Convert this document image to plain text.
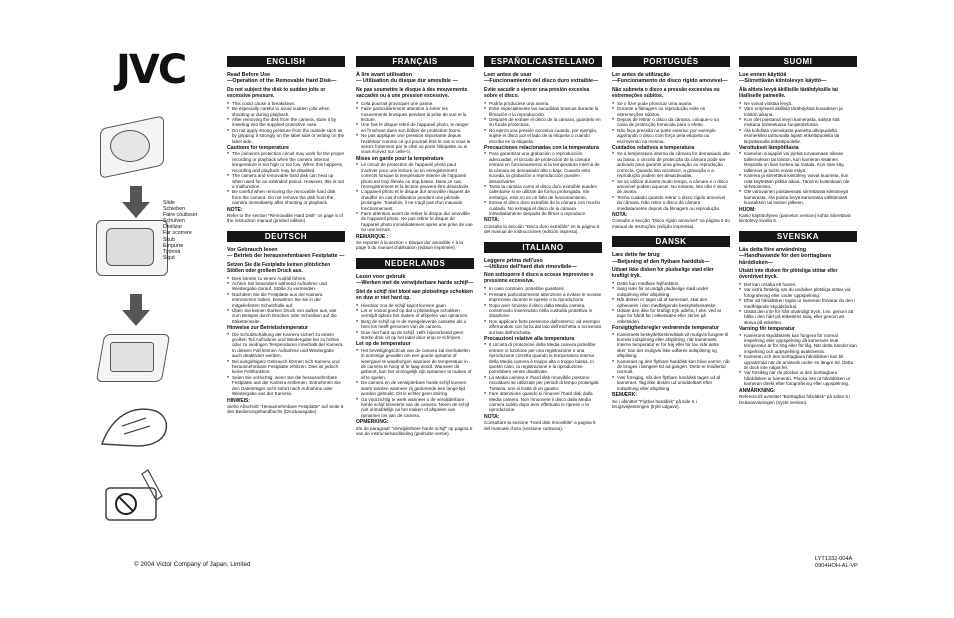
JVC
Slide
Schieben
Faire coulisser
Schuiven
Deslizar
Far scorrere
Skub
Empurre
Työnnä
Skjut
ENGLISH
Read Before Use
—Operation of the Removable Hard Disk—
Do not subject the disk to sudden jolts or excessive pressure.
● This could cause a breakdown.
● Be especially careful to avoid sudden jolts when shooting or during playback.
● After removing the disk from the camera, store it by inserting into the supplied protective case.
● Do not apply strong pressure from the outside such as by gripping it strongly on the label side or writing on the label side.
Cautions for temperature
● The camera's protection circuit may work for the proper recording or playback when the camera internal temperature is too high or too low. When this happens, recording and playback may be disabled.
● The camera and removable hard disk can heat up when used for an extended period. However, this is not a malfunction.
● Be careful when removing the removable hard disk from the camera. Do not remove the disk from the camera immediately after shooting or playback.
NOTE:
Refer to the section "Removable Hard Disk" on page 5 of the instruction manual (printed edition).
DEUTSCH
Vor Gebrauch lesen
— Betrieb der herausnehmbaren Festplatte —
Setzen Sie die Festplatte keinen plötzlichen Stößen oder großem Druck aus.
● Dies könnte zu einem Ausfall führen.
● Achten Sie besonders während Aufnahme und Wiedergabe darauf, Stöße zu vermeiden.
● Nachdem Sie die Festplatte aus der Kamera entnommen haben, bewahren Sie sie in der mitgelieferten Schutzhülle auf.
● Üben Sie keinen starken Druck von außen aus, wie zum Beispiel durch Drücken oder Schreiben auf die Etikettenseite.
Hinweise zur Betriebstemperatur
● Die Schutzschaltung der Kamera sichert zu einem großen Teil Aufnahme und Wiedergabe bei zu hohen oder zu niedrigen Temperaturen innerhalb der Kamera. In diesem Fall können Aufnahme und Wiedergabe auch deaktiviert werden.
● Bei ausgiebigem Gebrauch können sich Kamera und herausnehmbare Festplatte erhitzen. Dies ist jedoch keine Fehlfunktion.
● Seien Sie vorsichtig, wenn Sie die herausnehmbare Festplatte aus der Kamera entfernen. Entnehmen Sie den Datenträger nicht sofort nach Aufnahme oder Wiedergabe aus der Kamera.
HINWEIS:
Siehe Abschnitt "Herausnehmbare Festplatte" auf Seite 5 des Bedienungshandbuchs (Druckausgabe).
FRANÇAIS
À lire avant utilisation
— Utilisation du disque dur amovible —
Ne pas soumettre le disque à des mouvements saccadés ou à une pression excessive.
● Cela pourrait provoquer une panne.
● Faire particulièrement attention à éviter les mouvements brusques pendant la prise de vue et la lecture.
● Une fois le disque retiré de l'appareil photo, le ranger en l'insérant dans son boîtier de protection fourni.
● Ne pas appliquer une pression importante depuis l'extérieur comme ce qui pourrait être le cas si vous le serrez fortement par le côté où porte l'étiquette ou si vous écrivez sur celle-ci.
Mises en garde pour la température
● Le circuit de protection de l'appareil photo peut s'activer pour une lecture ou un enregistrement corrects lorsque la température interne de l'appareil photo est trop élevée ou trop basse. Dans ce cas, l'enregistrement et la lecture peuvent être désactivés.
● L'appareil photo et le disque dur amovible risquent de chauffer en cas d'utilisation pendant une période prolongée. Toutefois, il ne s'agit pas d'un mauvais fonctionnement.
● Faire attention avant de retirer le disque dur amovible de l'appareil photo. Ne pas retirer le disque de l'appareil photo immédiatement après une prise de vue ou une lecture.
REMARQUE :
Se reporter à la section « Disque dur amovible » à la page 5 du manuel d'utilisation (édition imprimée).
NEDERLANDS
Lezen voor gebruik
—Werken met de verwijderbare harde schijf—
Stel de schijf niet bloot aan plotselinge schokken en duw er niet hard op.
● Hierdoor zou de schijf kapot kunnen gaan.
● Let er vooral goed op dat u plotselinge schokken vermijdt tijdens het maken of afspelen van opnamen.
● Berg de schijf op in de meegeleverde cassette als u hem los heeft genomen van de camera.
● Duw niet hard op de schijf, zelfs bijvoorbeeld geen sterke druk uit op het label door erop te schrijven.
Let op de temperatuur
● Het beveiligingscircuit van de camera zal inschakelen in sommige gevallen om een goede opname of weergave te waarborgen wanneer de temperatuur in de camera te hoog of te laag wordt. Wanneer dit gebeurt, kan het onmogelijk zijn opnamen te maken of af te spelen.
● De camera en de verwijderbare harde schijf kunnen warm worden wanneer zij gedurende een lange tijd worden gebruikt. Dit is echter geen storing.
● Ga voorzichtig te werk wanneer u de verwijderbare harde schijf losneemt van de camera. Neem de schijf niet onmiddellijk na het maken of afspelen van opnamen los van de camera.
OPMERKING:
Zie de paragraaf "Verwijderbare harde schijf" op pagina 5 van de instructiehandleiding (gedrukte versie).
ESPAÑOL/CASTELLANO
Leer antes de usar
—Funcionamiento del disco duro extraíble—
Evite sacudir o ejercer una presión excesiva sobre el disco.
● Podría producirse una avería.
● Evite especialmente las sacudidas bruscas durante la filmación o la reproducción.
● Después de extraer el disco de la cámara, guárdelo en su funda protectora.
● No ejerza una presión excesiva cuando, por ejemplo, sujete el disco por el lado de la etiqueta o cuando escriba en la etiqueta.
Precauciones relacionadas con la temperatura
● Para garantizar una grabación o reproducción adecuadas, el circuito de protección de la cámara entrará en funcionamiento si la temperatura interna de la cámara es demasiado alta o baja. Cuando esto suceda, la grabación o reproducción pueden desactivarse.
● Tanto la cámara como el disco duro extraíble pueden calentarse si se utilizan de forma prolongada. Sin embargo, esto no es un fallo de funcionamiento.
● Extrae el disco duro extraíble de la cámara con mucho cuidado. No extraiga el disco de la cámara inmediatamente después de filmar o reproducir.
NOTA:
Consulte la sección "Disco duro extraíble" en la página 5 del manual de instrucciones (edición impresa).
ITALIANO
Leggere prima dell'uso
—Utilizzo dell'hard disk rimovibile—
Non sottoporre il disco a scosse improvvise o pressione eccessiva.
● In caso contrario, potrebbe guastarsi.
● Prestare particolarmente attenzione a evitare le scosse improvvise durante le riprese o la riproduzione.
● Dopo aver rimosso il disco dalla Media camera, conservarlo inserendolo nella custodia protettiva in dotazione.
● Non applicare forte pressione dall'esterno, ad esempio afferrandolo con forza dal lato dell'etichetta o scrivendo sul lato dell'etichetta.
Precauzioni relative alla temperatura
● Il circuito di protezione della Media camera potrebbe entrare in funzione per una registrazione o una riproduzione corretta quando la temperatura interna della Media camera è troppo alta o troppo bassa. In questo caso, la registrazione e la riproduzione potrebbero venire disattivate.
● La Media camera e l'hard disk rimovibile possono riscaldarsi se utilizzate per periodi di tempo prolungati. Tuttavia, non si tratta di un guasto.
● Fare attenzione quando si rimuove l'hard disk dalla Media camera. Non rimuovere il disco dalla Media camera subito dopo aver effettuato le riprese o la riproduzione.
NOTA:
Consultare la sezione "Hard disk rimovibile" a pagina 5 del manuale d'uso (versione cartacea).
PORTUGUÊS
Ler antes de utilização
—Funcionamento do disco rígido amovível—
Não submeta o disco a pressão excessiva ou estremeções súbitos.
● Se o fizer pode provocar uma avaria.
● Durante a filmagem ou reprodução evite os estremeções súbitos.
● Depois de retirar o disco da câmara, coloque-o na caixa de protecção fornecida para o efeito.
● Não faça pressão na parte externa: por exemplo agarrando o disco com força pela etiqueta ou escrevendo na mesma.
Cuidados relativos à temperatura
● Se a temperatura interna da câmara for demasiado alta ou baixa, o circuito de protecção da câmara pode ser activado para garantir uma gravação ou reprodução correcta. Quando isto acontece, a gravação e a reprodução podem ser desactivadas.
● Se os utilizar durante muito tempo, a câmara e o disco amovível podem aquecer. No entanto, isto não é sinal de avaria.
● Tenha cuidado quando retirar o disco rígido amovível da câmara. Não retire o disco da câmara imediatamente depois da filmagem ou reprodução.
NOTA:
Consulte a secção "Disco rígido amovível" na página 5 do manual de instruções (edição impressa).
DANSK
Læs dette før brug
—Betjening af den flytbare harddisk—
Udsæt ikke disken for pludselige stød eller kraftigt tryk.
● Dette kan medføre fejlfunktion.
● Sørg især for at undgå pludselige stød under indspilning eller afspilning.
● Når disken er taget ud af kameraet, skal den opbevares i den medfølgende beskyttelsesæske.
● Udsæt den ikke for kraftigt tryk udefra, f.eks. ved at tage for hårdt fat i etiketsiden eller skrive på etiketsiden.
Forsigtighedsregler vedrørende temperatur
● Kameraets beskyttelseskredsløb vil muligvis fungere til korrekt indspilning eller afspilning, når kameraets interne temperatur er for høj eller for lav. Når dette sker, kan der muligvis ikke udføres indspilning og afspilning.
● Kameraet og den flytbare harddisk kan blive varme, når de bruges i længere tid ad gangen. Dette er imidlertid normalt.
● Vær forsigtig, når den flytbare harddisk tages ud af kameraet. Tag ikke disken ud umiddelbart efter indspilning eller afspilning.
BEMÆRK:
Se i afsnittet "Flytbar harddisk" på side 5 i brugsvejledningen (trykt udgave).
SUOMI
Lue ennen käyttöä
—Siirrettävän kiintolevyn käyttö—
Älä altista levyä äkillisille tärähdyksille tai liialliselle paineelle.
● Ne voivat vioittaa levyä.
● Varo erityisesti äkillisiä tärähdyksiä kuvauksen ja toiston aikana.
● Kun olet poistanut levyn kamerasta, säilytä sitä mukana toimitetussa suojakotelossa.
● Älä kohdista voimakasta painetta ulkopuolelta esimerkiksi tarttumalla lujasti etikettipuolelta tai kirjoittamalla etikettipuolelle.
Varoitukset lämpötilasta
● Kameran suojapiiri voi pyrkiä turvaamaan oikean tallennuksen tai toiston, kun kameran sisäinen lämpötila on liian korkea tai matala. Kun näin käy, tallennus ja toisto voivat estyä.
● Kamera ja siirrettävä kiintolevy voivat kuumeta, kun niitä käytetään pitkän aikaa. Tämä ei kuitenkaan ole virhetoiminto.
● Ole varovainen poistaessasi siirrettävää kiintolevyä kamerasta. Älä poista levyä kamerasta välittömästi kuvauksen tai toiston jälkeen.
HUOM:
Katso käyttöohjeen (painetun version) kohta Siirrettävä kiintolevy sivulla 5.
SVENSKA
Läs detta före användning
—Handhavande för den borttagbara hårddisken—
Utsätt inte disken för plötsliga stötar eller överdrivet tryck.
● Det kan orsaka ett haveri.
● Var extra försiktig när du undviker plötsliga stötar vid fotografering eller under uppspelning.
● Efter att hårddisken tagits ur kameran förvarar du den i medföljande skyddsfodral.
● Utsätt den inte för hårt utvändigt tryck, t.ex. genom att hålla i den hårt på etikettens sida, eller genom att skriva på etiketten.
Varning för temperatur
● Kamerans skyddskrets kan fungera för normal inspelning eller uppspelning då kamerans inuti temperatur är för hög eller för låg. När detta händer kan inspelning och uppspelning avaktiveras.
● Kameran och den borttagbara hårddisken kan bli uppvärmda när de används under en längre tid. Detta är dock inte något fel.
● Var försiktig när du plockar ut den borttagbara hårddisken ur kameran. Plocka inte ut hårddisken ur kameran direkt efter fotografering eller uppspelning.
ANMÄRKNING:
Referera till avsnittet "Borttagbar hårddisk" på sidan 5 i bruksanvisningen (tryckt version).
© 2004 Victor Company of Japan, Limited
LYT1332-004A
0904HOH-AL-VP
